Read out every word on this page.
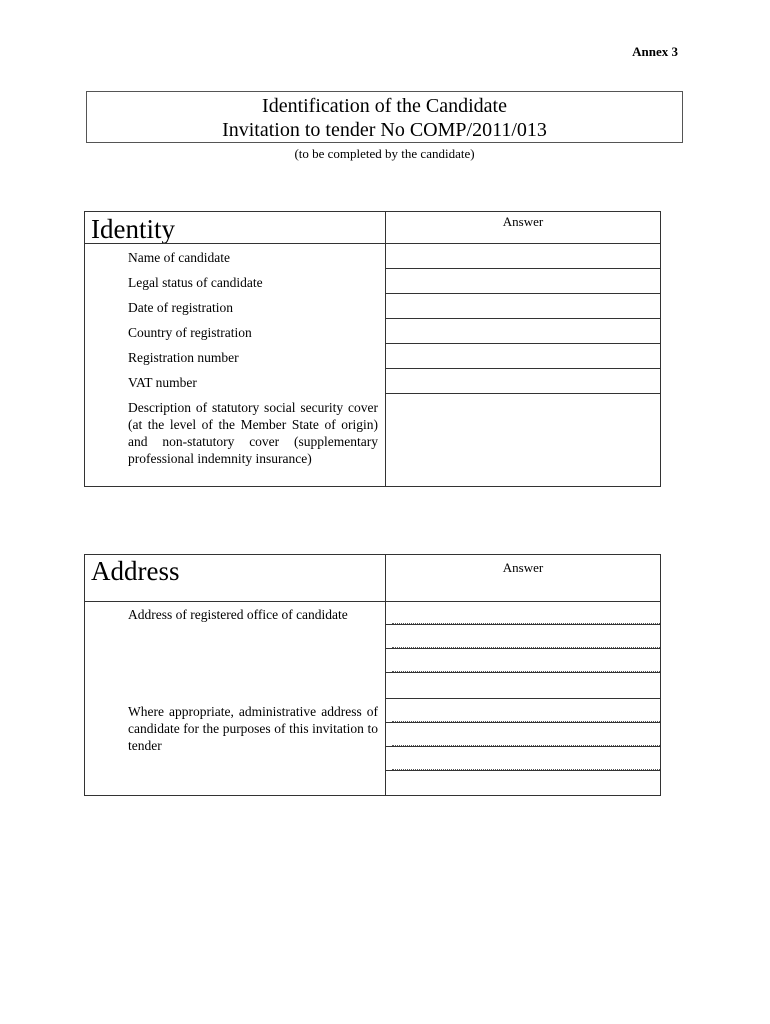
Annex 3
Identification of the Candidate
Invitation to tender No COMP/2011/013
(to be completed by the candidate)
Identity	Answer
Name of candidate
Legal status of candidate
Date of registration
Country of registration
Registration number
VAT number
Description of statutory social security cover (at the level of the Member State of origin) and non-statutory cover (supplementary professional indemnity insurance)
Address	Answer
Address of registered office of candidate
Where appropriate, administrative address of candidate for the purposes of this invitation to tender
